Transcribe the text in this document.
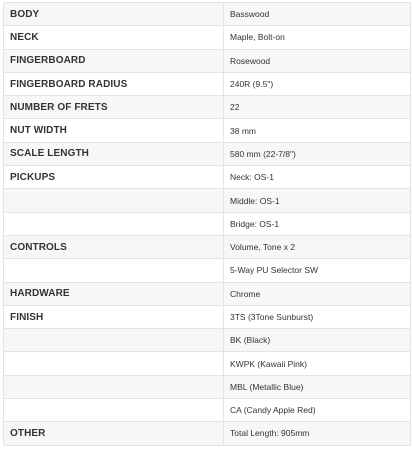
BODY	Basswood
NECK	Maple, Bolt-on
FINGERBOARD	Rosewood
FINGERBOARD RADIUS	240R (9.5")
NUMBER OF FRETS	22
NUT WIDTH	38 mm
SCALE LENGTH	580 mm (22-7/8")
PICKUPS	Neck: OS-1
	Middle: OS-1
	Bridge: OS-1
CONTROLS	Volume, Tone x 2
	5-Way PU Selector SW
HARDWARE	Chrome
FINISH	3TS (3Tone Sunburst)
	BK (Black)
	KWPK (Kawaii Pink)
	MBL (Metallic Blue)
	CA (Candy Apple Red)
OTHER	Total Length: 905mm
